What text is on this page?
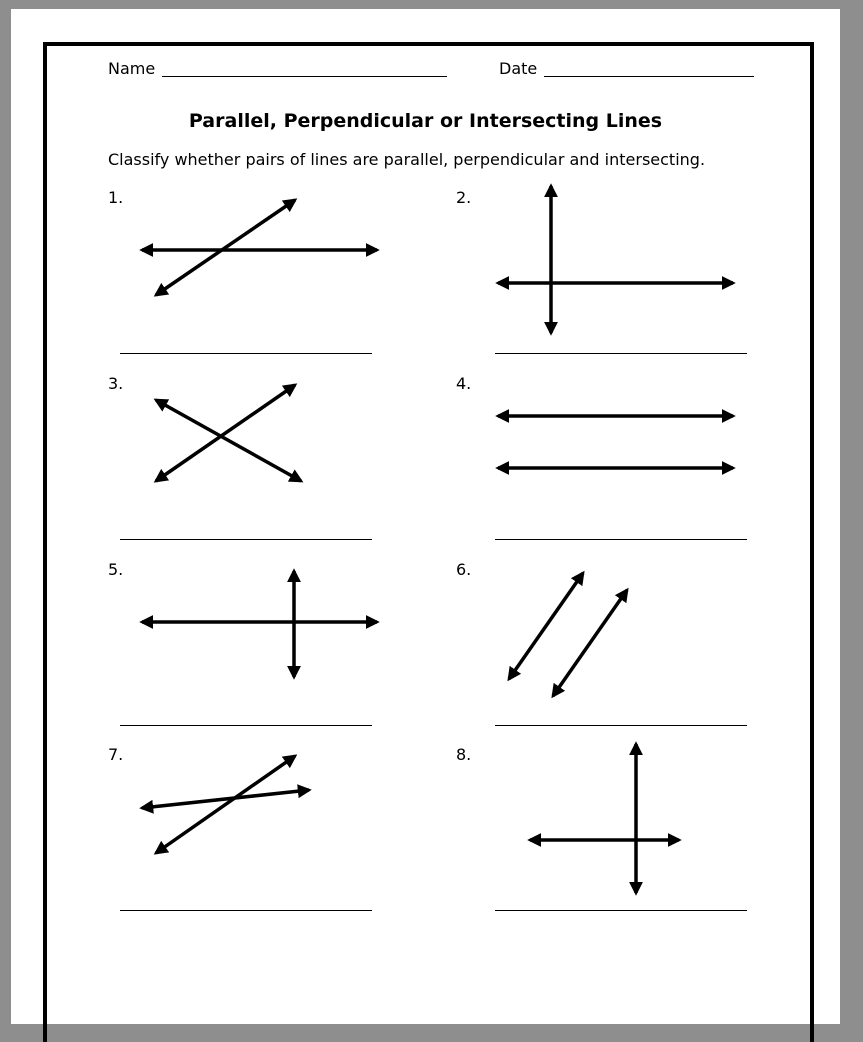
Name	Date
Parallel, Perpendicular or Intersecting Lines
Classify whether pairs of lines are parallel, perpendicular and intersecting.
1.	2.
3.	4.
5.	6.
7.	8.
